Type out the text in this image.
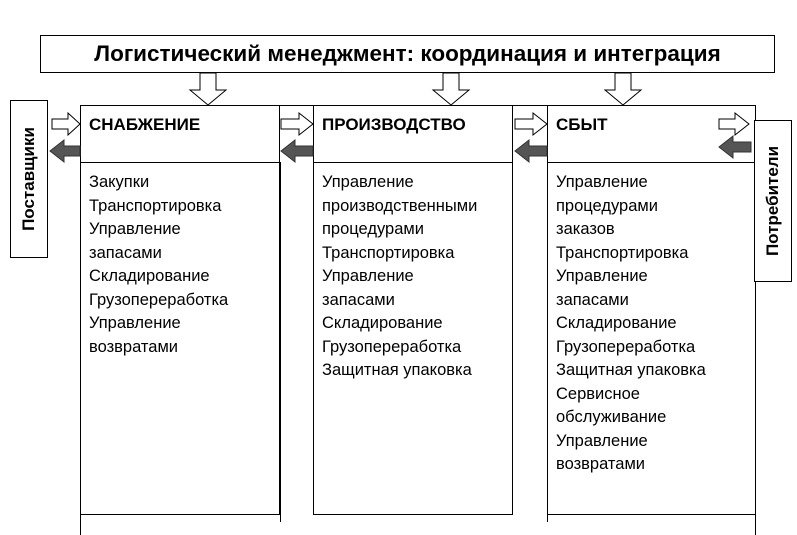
Логистический менеджмент: координация и интеграция
СНАБЖЕНИЕ
Закупки
Транспортировка
Управление
запасами
Складирование
Грузопереработка
Управление
возвратами
ПРОИЗВОДСТВО
Управление
производственными
процедурами
Транспортировка
Управление
запасами
Складирование
Грузопереработка
Защитная упаковка
СБЫТ
Управление
процедурами
заказов
Транспортировка
Управление
запасами
Складирование
Грузопереработка
Защитная упаковка
Сервисное
обслуживание
Управление
возвратами
Поставщики	Потребители
